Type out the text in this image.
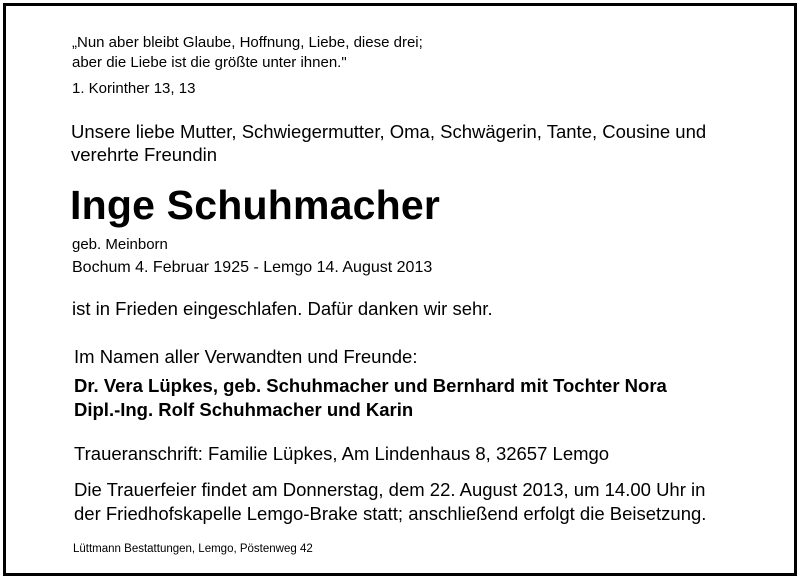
„Nun aber bleibt Glaube, Hoffnung, Liebe, diese drei;
aber die Liebe ist die größte unter ihnen."
1. Korinther 13, 13
Unsere liebe Mutter, Schwiegermutter, Oma, Schwägerin, Tante, Cousine und
verehrte Freundin
Inge Schuhmacher
geb. Meinborn
Bochum 4. Februar 1925 - Lemgo 14. August 2013
ist in Frieden eingeschlafen. Dafür danken wir sehr.
Im Namen aller Verwandten und Freunde:
Dr. Vera Lüpkes, geb. Schuhmacher und Bernhard mit Tochter Nora
Dipl.-Ing. Rolf Schuhmacher und Karin
Traueranschrift: Familie Lüpkes, Am Lindenhaus 8, 32657 Lemgo
Die Trauerfeier findet am Donnerstag, dem 22. August 2013, um 14.00 Uhr in
der Friedhofskapelle Lemgo-Brake statt; anschließend erfolgt die Beisetzung.
Lüttmann Bestattungen, Lemgo, Pöstenweg 42
